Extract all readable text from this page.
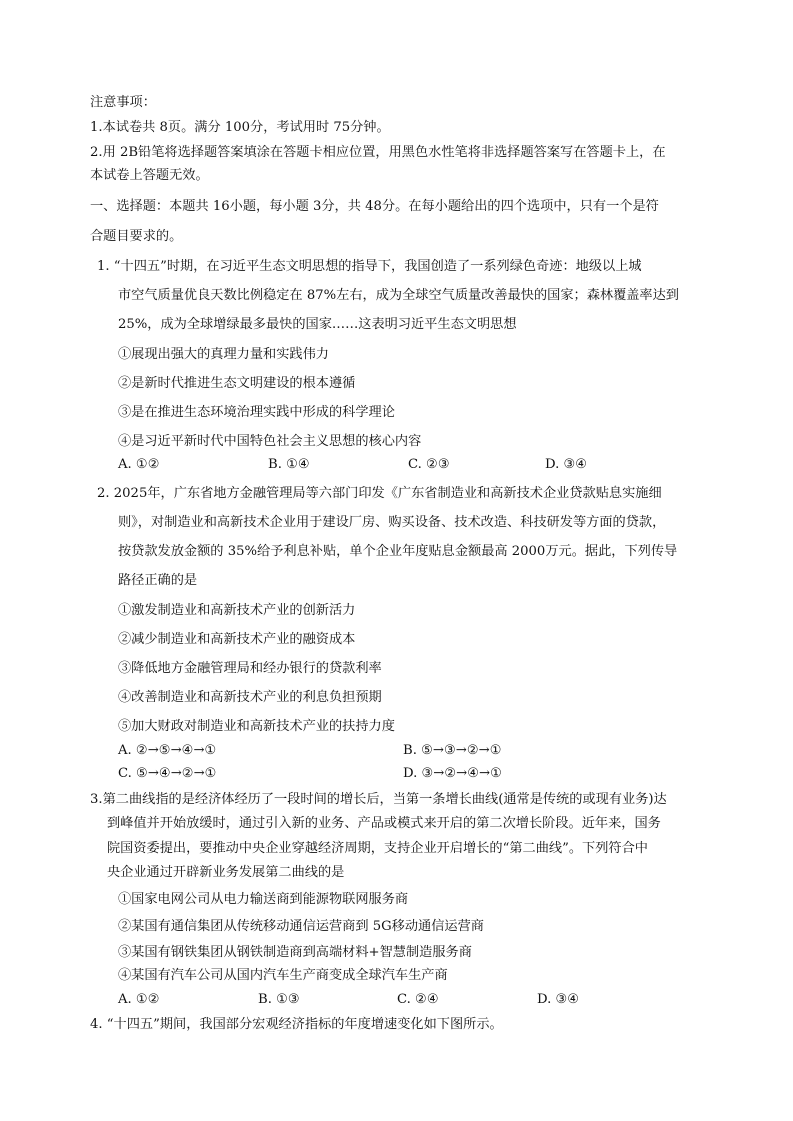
注意事项：
1.本试卷共 8页。满分 100分，考试用时 75分钟。
2.用 2B铅笔将选择题答案填涂在答题卡相应位置，用黑色水性笔将非选择题答案写在答题卡上，在
本试卷上答题无效。
一、选择题：本题共 16小题，每小题 3分，共 48分。在每小题给出的四个选项中，只有一个是符
合题目要求的。
1. “十四五”时期，在习近平生态文明思想的指导下，我国创造了一系列绿色奇迹：地级以上城
市空气质量优良天数比例稳定在 87%左右，成为全球空气质量改善最快的国家；森林覆盖率达到
25%，成为全球增绿最多最快的国家……这表明习近平生态文明思想
①展现出强大的真理力量和实践伟力
②是新时代推进生态文明建设的根本遵循
③是在推进生态环境治理实践中形成的科学理论
④是习近平新时代中国特色社会主义思想的核心内容
A. ①②	B. ①④	C. ②③	D. ③④
2. 2025年，广东省地方金融管理局等六部门印发《广东省制造业和高新技术企业贷款贴息实施细
则》，对制造业和高新技术企业用于建设厂房、购买设备、技术改造、科技研发等方面的贷款，
按贷款发放金额的 35%给予利息补贴，单个企业年度贴息金额最高 2000万元。据此，下列传导
路径正确的是
①激发制造业和高新技术产业的创新活力
②减少制造业和高新技术产业的融资成本
③降低地方金融管理局和经办银行的贷款利率
④改善制造业和高新技术产业的利息负担预期
⑤加大财政对制造业和高新技术产业的扶持力度
A. ②→⑤→④→①	B. ⑤→③→②→①
C. ⑤→④→②→①	D. ③→②→④→①
3.第二曲线指的是经济体经历了一段时间的增长后，当第一条增长曲线(通常是传统的或现有业务)达
到峰值并开始放缓时，通过引入新的业务、产品或模式来开启的第二次增长阶段。近年来，国务
院国资委提出，要推动中央企业穿越经济周期，支持企业开启增长的“第二曲线”。下列符合中
央企业通过开辟新业务发展第二曲线的是
①国家电网公司从电力输送商到能源物联网服务商
②某国有通信集团从传统移动通信运营商到 5G移动通信运营商
③某国有钢铁集团从钢铁制造商到高端材料+智慧制造服务商
④某国有汽车公司从国内汽车生产商变成全球汽车生产商
A. ①②	B. ①③	C. ②④	D. ③④
4. “十四五”期间，我国部分宏观经济指标的年度增速变化如下图所示。
